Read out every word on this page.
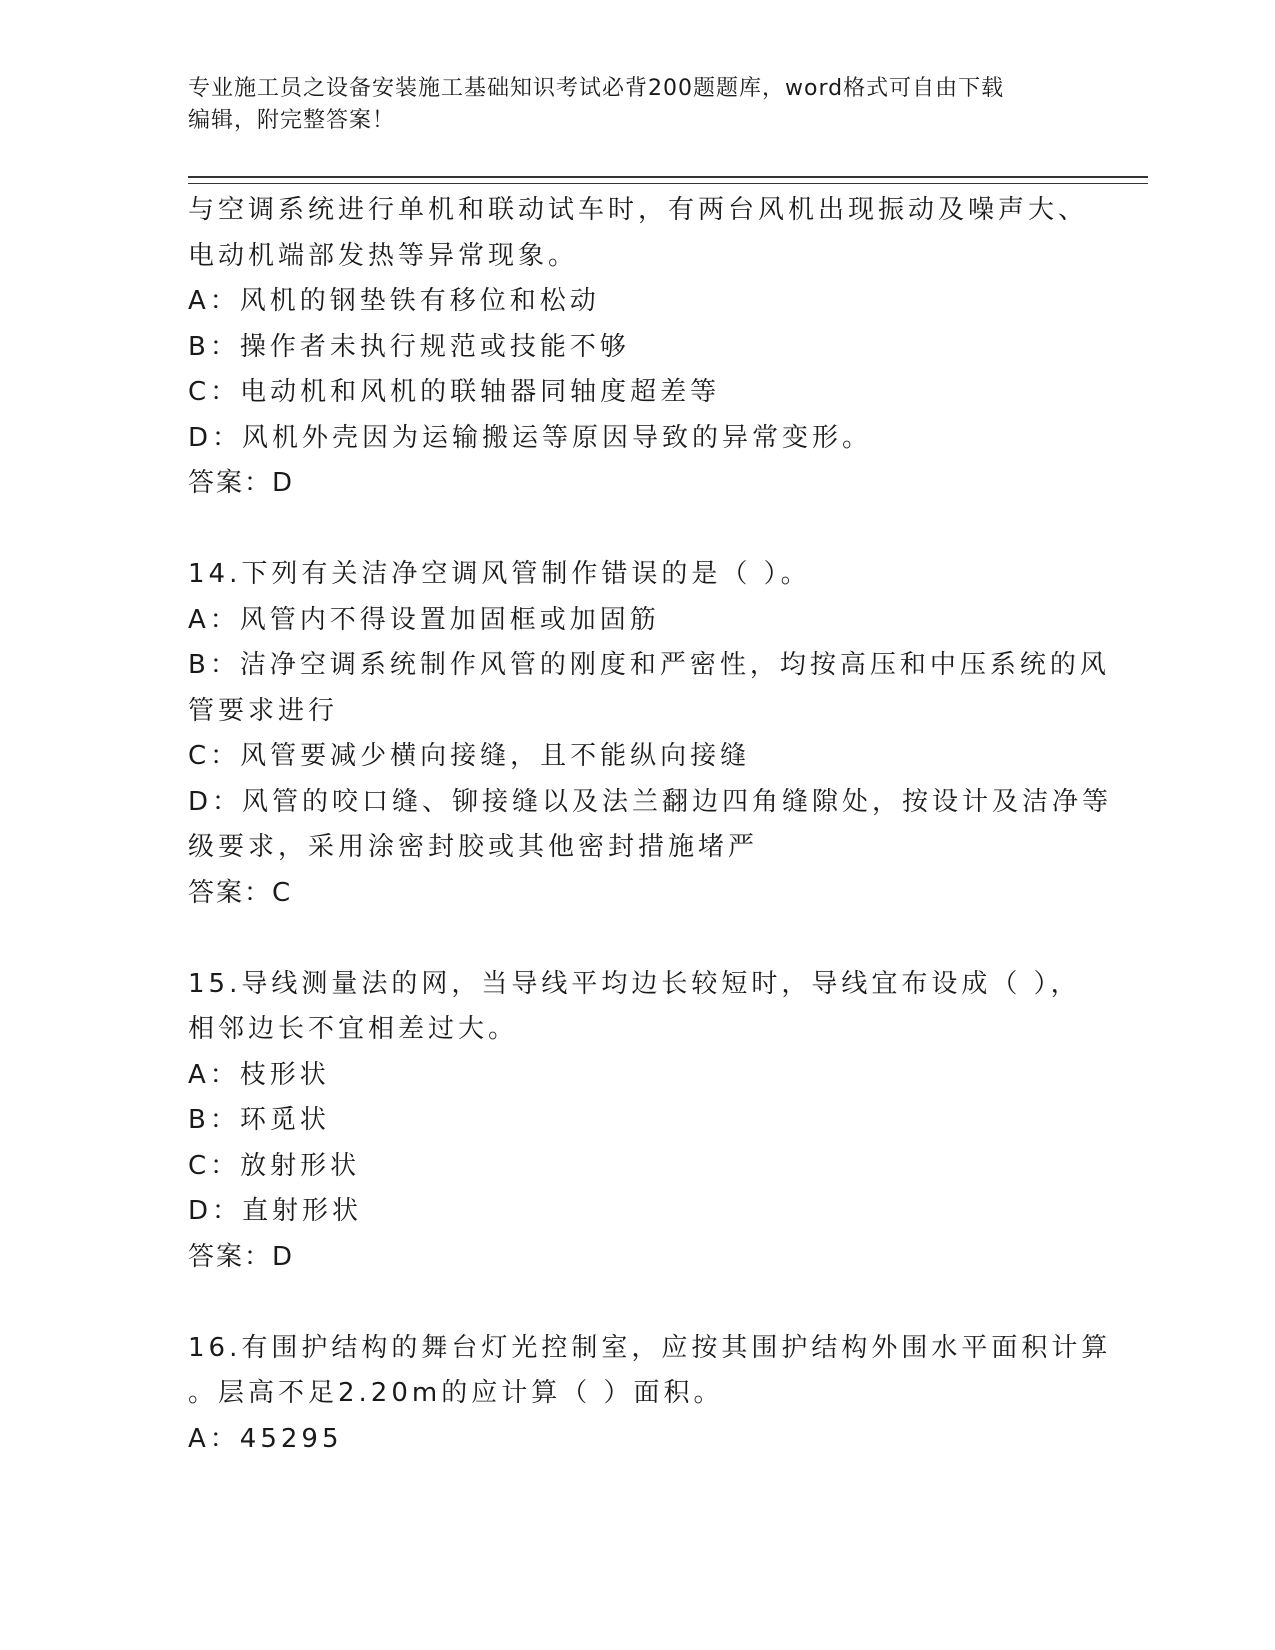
专业施工员之设备安装施工基础知识考试必背200题题库，word格式可自由下载
编辑，附完整答案！
与空调系统进行单机和联动试车时，有两台风机出现振动及噪声大、
电动机端部发热等异常现象。
A：风机的钢垫铁有移位和松动
B：操作者未执行规范或技能不够
C：电动机和风机的联轴器同轴度超差等
D：风机外壳因为运输搬运等原因导致的异常变形。
答案：D
14.下列有关洁净空调风管制作错误的是（ ）。
A：风管内不得设置加固框或加固筋
B：洁净空调系统制作风管的刚度和严密性，均按高压和中压系统的风
管要求进行
C：风管要减少横向接缝，且不能纵向接缝
D：风管的咬口缝、铆接缝以及法兰翻边四角缝隙处，按设计及洁净等
级要求，采用涂密封胶或其他密封措施堵严
答案：C
15.导线测量法的网，当导线平均边长较短时，导线宜布设成（ ），
相邻边长不宜相差过大。
A：枝形状
B：环觅状
C：放射形状
D：直射形状
答案：D
16.有围护结构的舞台灯光控制室，应按其围护结构外围水平面积计算
。层高不足2.20m的应计算（ ）面积。
A：45295
